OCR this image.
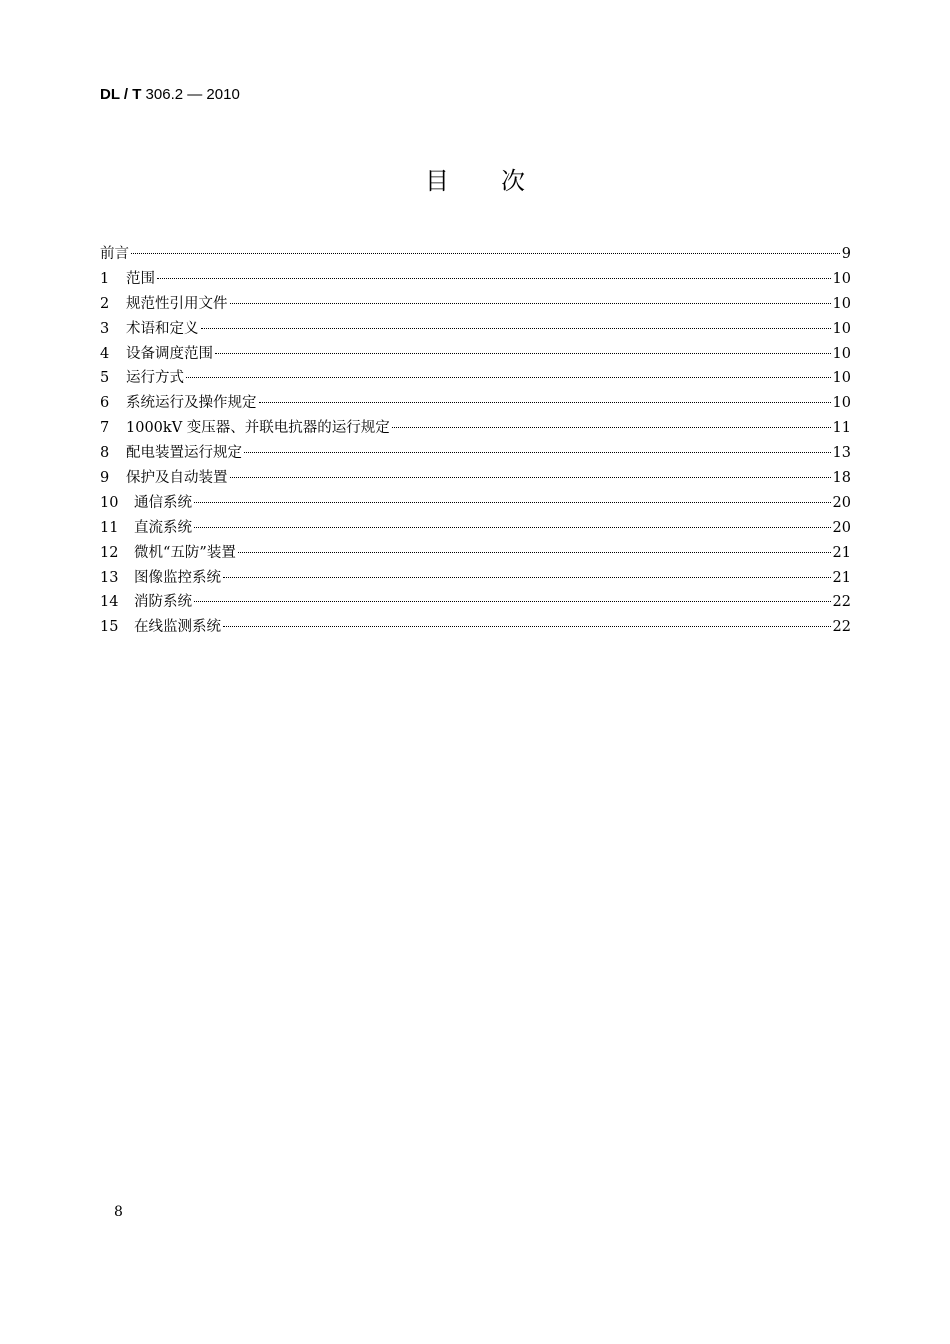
DL / T 306.2 — 2010
目次
前言	9
1	范围	10
2	规范性引用文件	10
3	术语和定义	10
4	设备调度范围	10
5	运行方式	10
6	系统运行及操作规定	10
7	1000kV 变压器、并联电抗器的运行规定	11
8	配电装置运行规定	13
9	保护及自动装置	18
10	通信系统	20
11	直流系统	20
12	微机“五防”装置	21
13	图像监控系统	21
14	消防系统	22
15	在线监测系统	22
8
